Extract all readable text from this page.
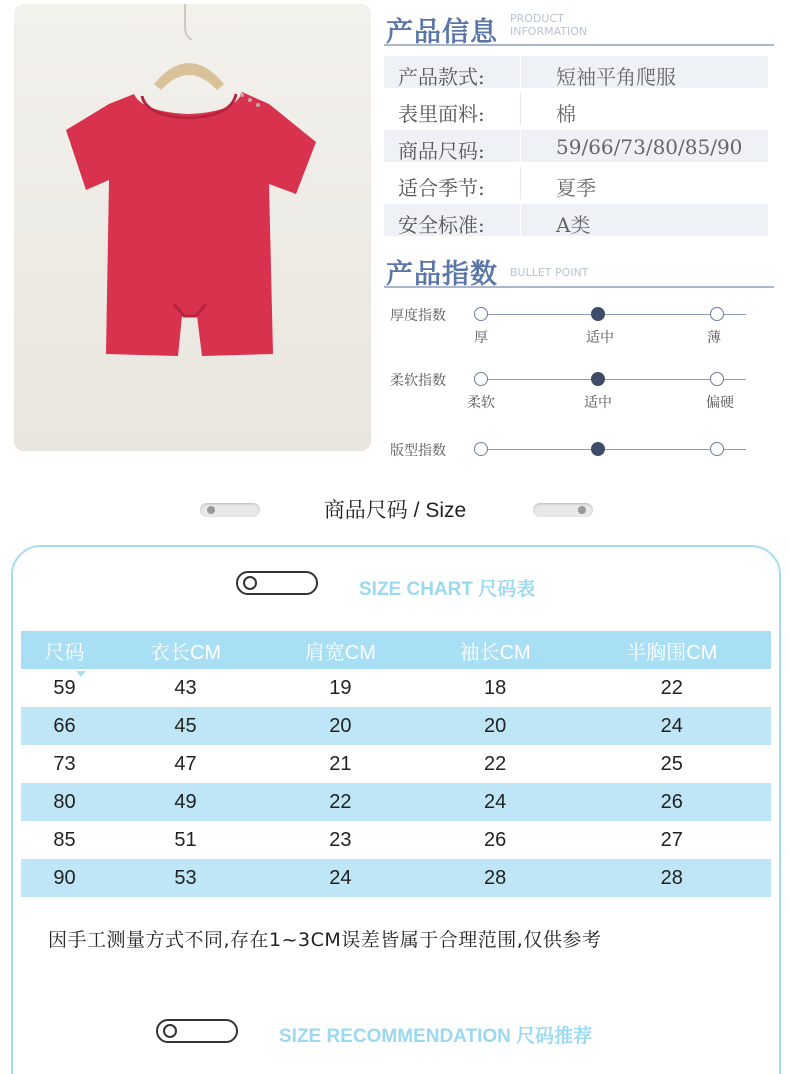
产品信息 PRODUCT
INFORMATION
产品款式:	短袖平角爬服
表里面料:	棉
商品尺码:	59/66/73/80/85/90
适合季节:	夏季
安全标准:	A类
产品指数 BULLET POINT
厚度指数
厚	适中	薄
柔软指数
柔软	适中	偏硬
版型指数
商品尺码 / Size
SIZE CHART 尺码表
尺码	衣长CM	肩宽CM	袖长CM	半胸围CM
59	43	19	18	22
66	45	20	20	24
73	47	21	22	25
80	49	22	24	26
85	51	23	26	27
90	53	24	28	28
因手工测量方式不同,存在1~3CM误差皆属于合理范围,仅供参考
SIZE RECOMMENDATION 尺码推荐
